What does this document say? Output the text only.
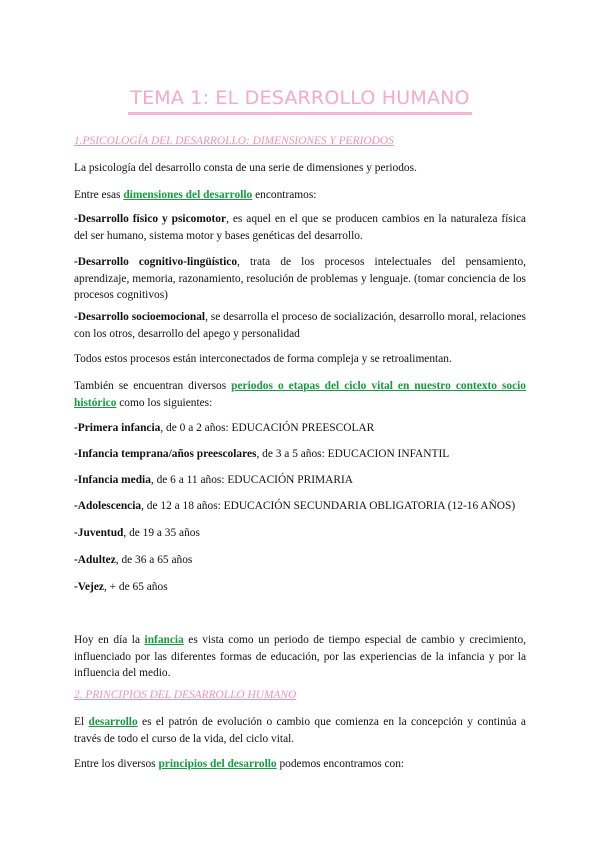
TEMA 1: EL DESARROLLO HUMANO
1.PSICOLOGÍA DEL DESARROLLO: DIMENSIONES Y PERIODOS

La psicología del desarrollo consta de una serie de dimensiones y periodos.

Entre esas dimensiones del desarrollo encontramos:

-Desarrollo físico y psicomotor, es aquel en el que se producen cambios en la naturaleza física del ser humano, sistema motor y bases genéticas del desarrollo.

-Desarrollo cognitivo-lingüístico, trata de los procesos intelectuales del pensamiento, aprendizaje, memoria, razonamiento, resolución de problemas y lenguaje. (tomar conciencia de los procesos cognitivos)

-Desarrollo socioemocional, se desarrolla el proceso de socialización, desarrollo moral, relaciones con los otros, desarrollo del apego y personalidad

Todos estos procesos están interconectados de forma compleja y se retroalimentan.

También se encuentran diversos periodos o etapas del ciclo vital en nuestro contexto socio histórico como los siguientes:

-Primera infancia, de 0 a 2 años: EDUCACIÓN PREESCOLAR

-Infancia temprana/años preescolares, de 3 a 5 años: EDUCACION INFANTIL

-Infancia media, de 6 a 11 años: EDUCACIÓN PRIMARIA

-Adolescencia, de 12 a 18 años: EDUCACIÓN SECUNDARIA OBLIGATORIA (12-16 AÑOS)

-Juventud, de 19 a 35 años

-Adultez, de 36 a 65 años

-Vejez, + de 65 años

Hoy en día la infancia es vista como un periodo de tiempo especial de cambio y crecimiento, influenciado por las diferentes formas de educación, por las experiencias de la infancia y por la influencia del medio.

2. PRINCIPIOS DEL DESARROLLO HUMANO

El desarrollo es el patrón de evolución o cambio que comienza en la concepción y continúa a través de todo el curso de la vida, del ciclo vital.

Entre los diversos principios del desarrollo podemos encontramos con:
